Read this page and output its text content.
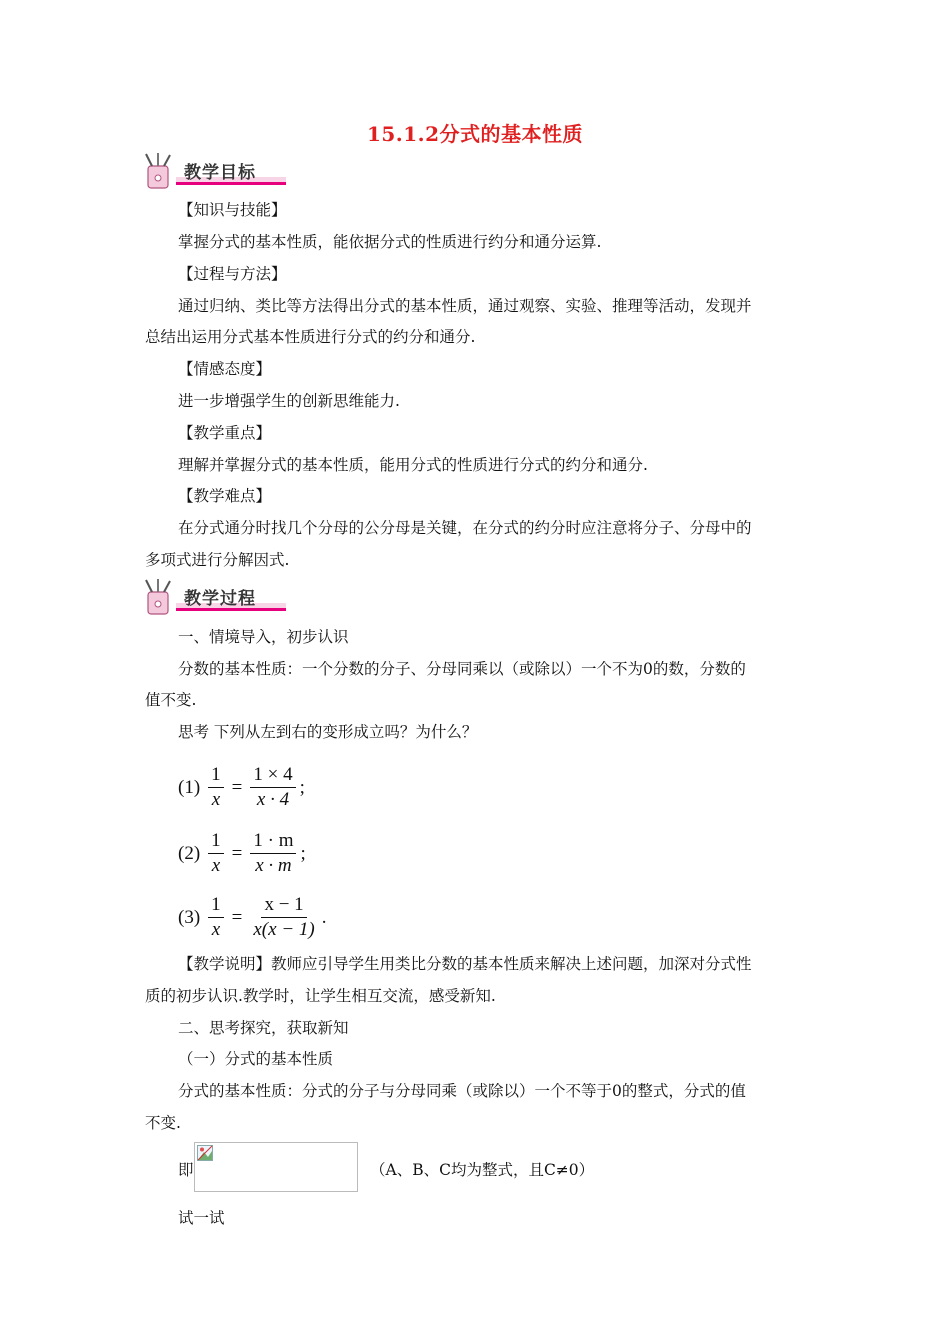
15.1.2分式的基本性质
教学目标
【知识与技能】
掌握分式的基本性质，能依据分式的性质进行约分和通分运算.
【过程与方法】
通过归纳、类比等方法得出分式的基本性质，通过观察、实验、推理等活动，发现并
总结出运用分式基本性质进行分式的约分和通分.
【情感态度】
进一步增强学生的创新思维能力.
【教学重点】
理解并掌握分式的基本性质，能用分式的性质进行分式的约分和通分.
【教学难点】
在分式通分时找几个分母的公分母是关键，在分式的约分时应注意将分子、分母中的
多项式进行分解因式.
教学过程
一、情境导入，初步认识
分数的基本性质：一个分数的分子、分母同乘以（或除以）一个不为0的数，分数的
值不变.
思考 下列从左到右的变形成立吗？为什么？
$(1) \frac{1}{x} = \frac{1 \times 4}{x \cdot 4}$ ;
$(2) \frac{1}{x} = \frac{1 \cdot m}{x \cdot m}$ ;
$(3) \frac{1}{x} = \frac{x - 1}{x(x - 1)}$ .
【教学说明】教师应引导学生用类比分数的基本性质来解决上述问题，加深对分式性
质的初步认识.教学时，让学生相互交流，感受新知.
二、思考探究，获取新知
（一）分式的基本性质
分式的基本性质：分式的分子与分母同乘（或除以）一个不等于0的整式，分式的值
不变.
即	（A、B、C均为整式，且C≠0）
试一试
